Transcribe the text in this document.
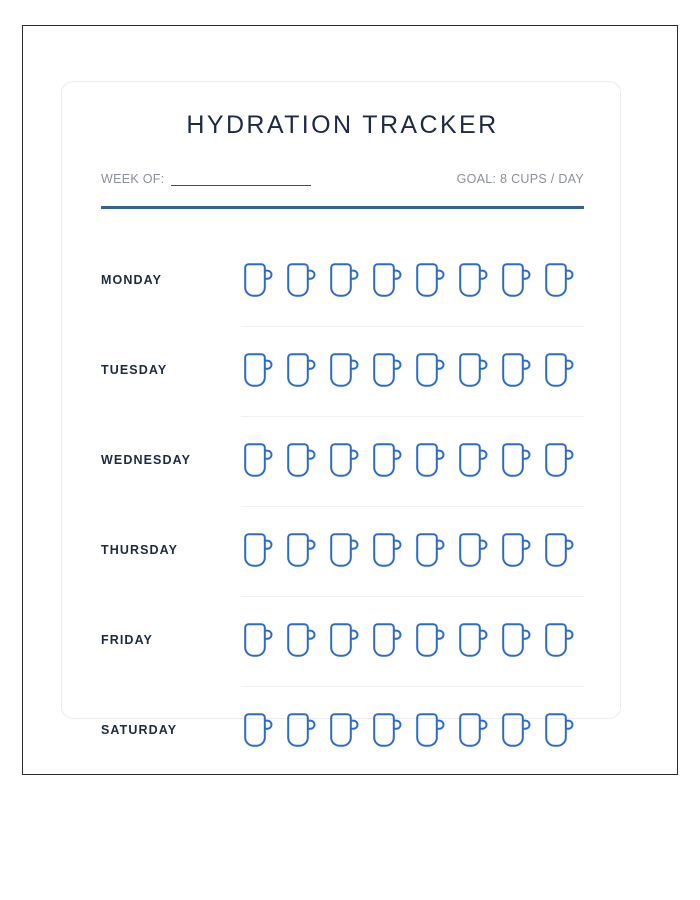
HYDRATION TRACKER
WEEK OF:	GOAL: 8 CUPS / DAY
MONDAY
TUESDAY
WEDNESDAY
THURSDAY
FRIDAY
SATURDAY
